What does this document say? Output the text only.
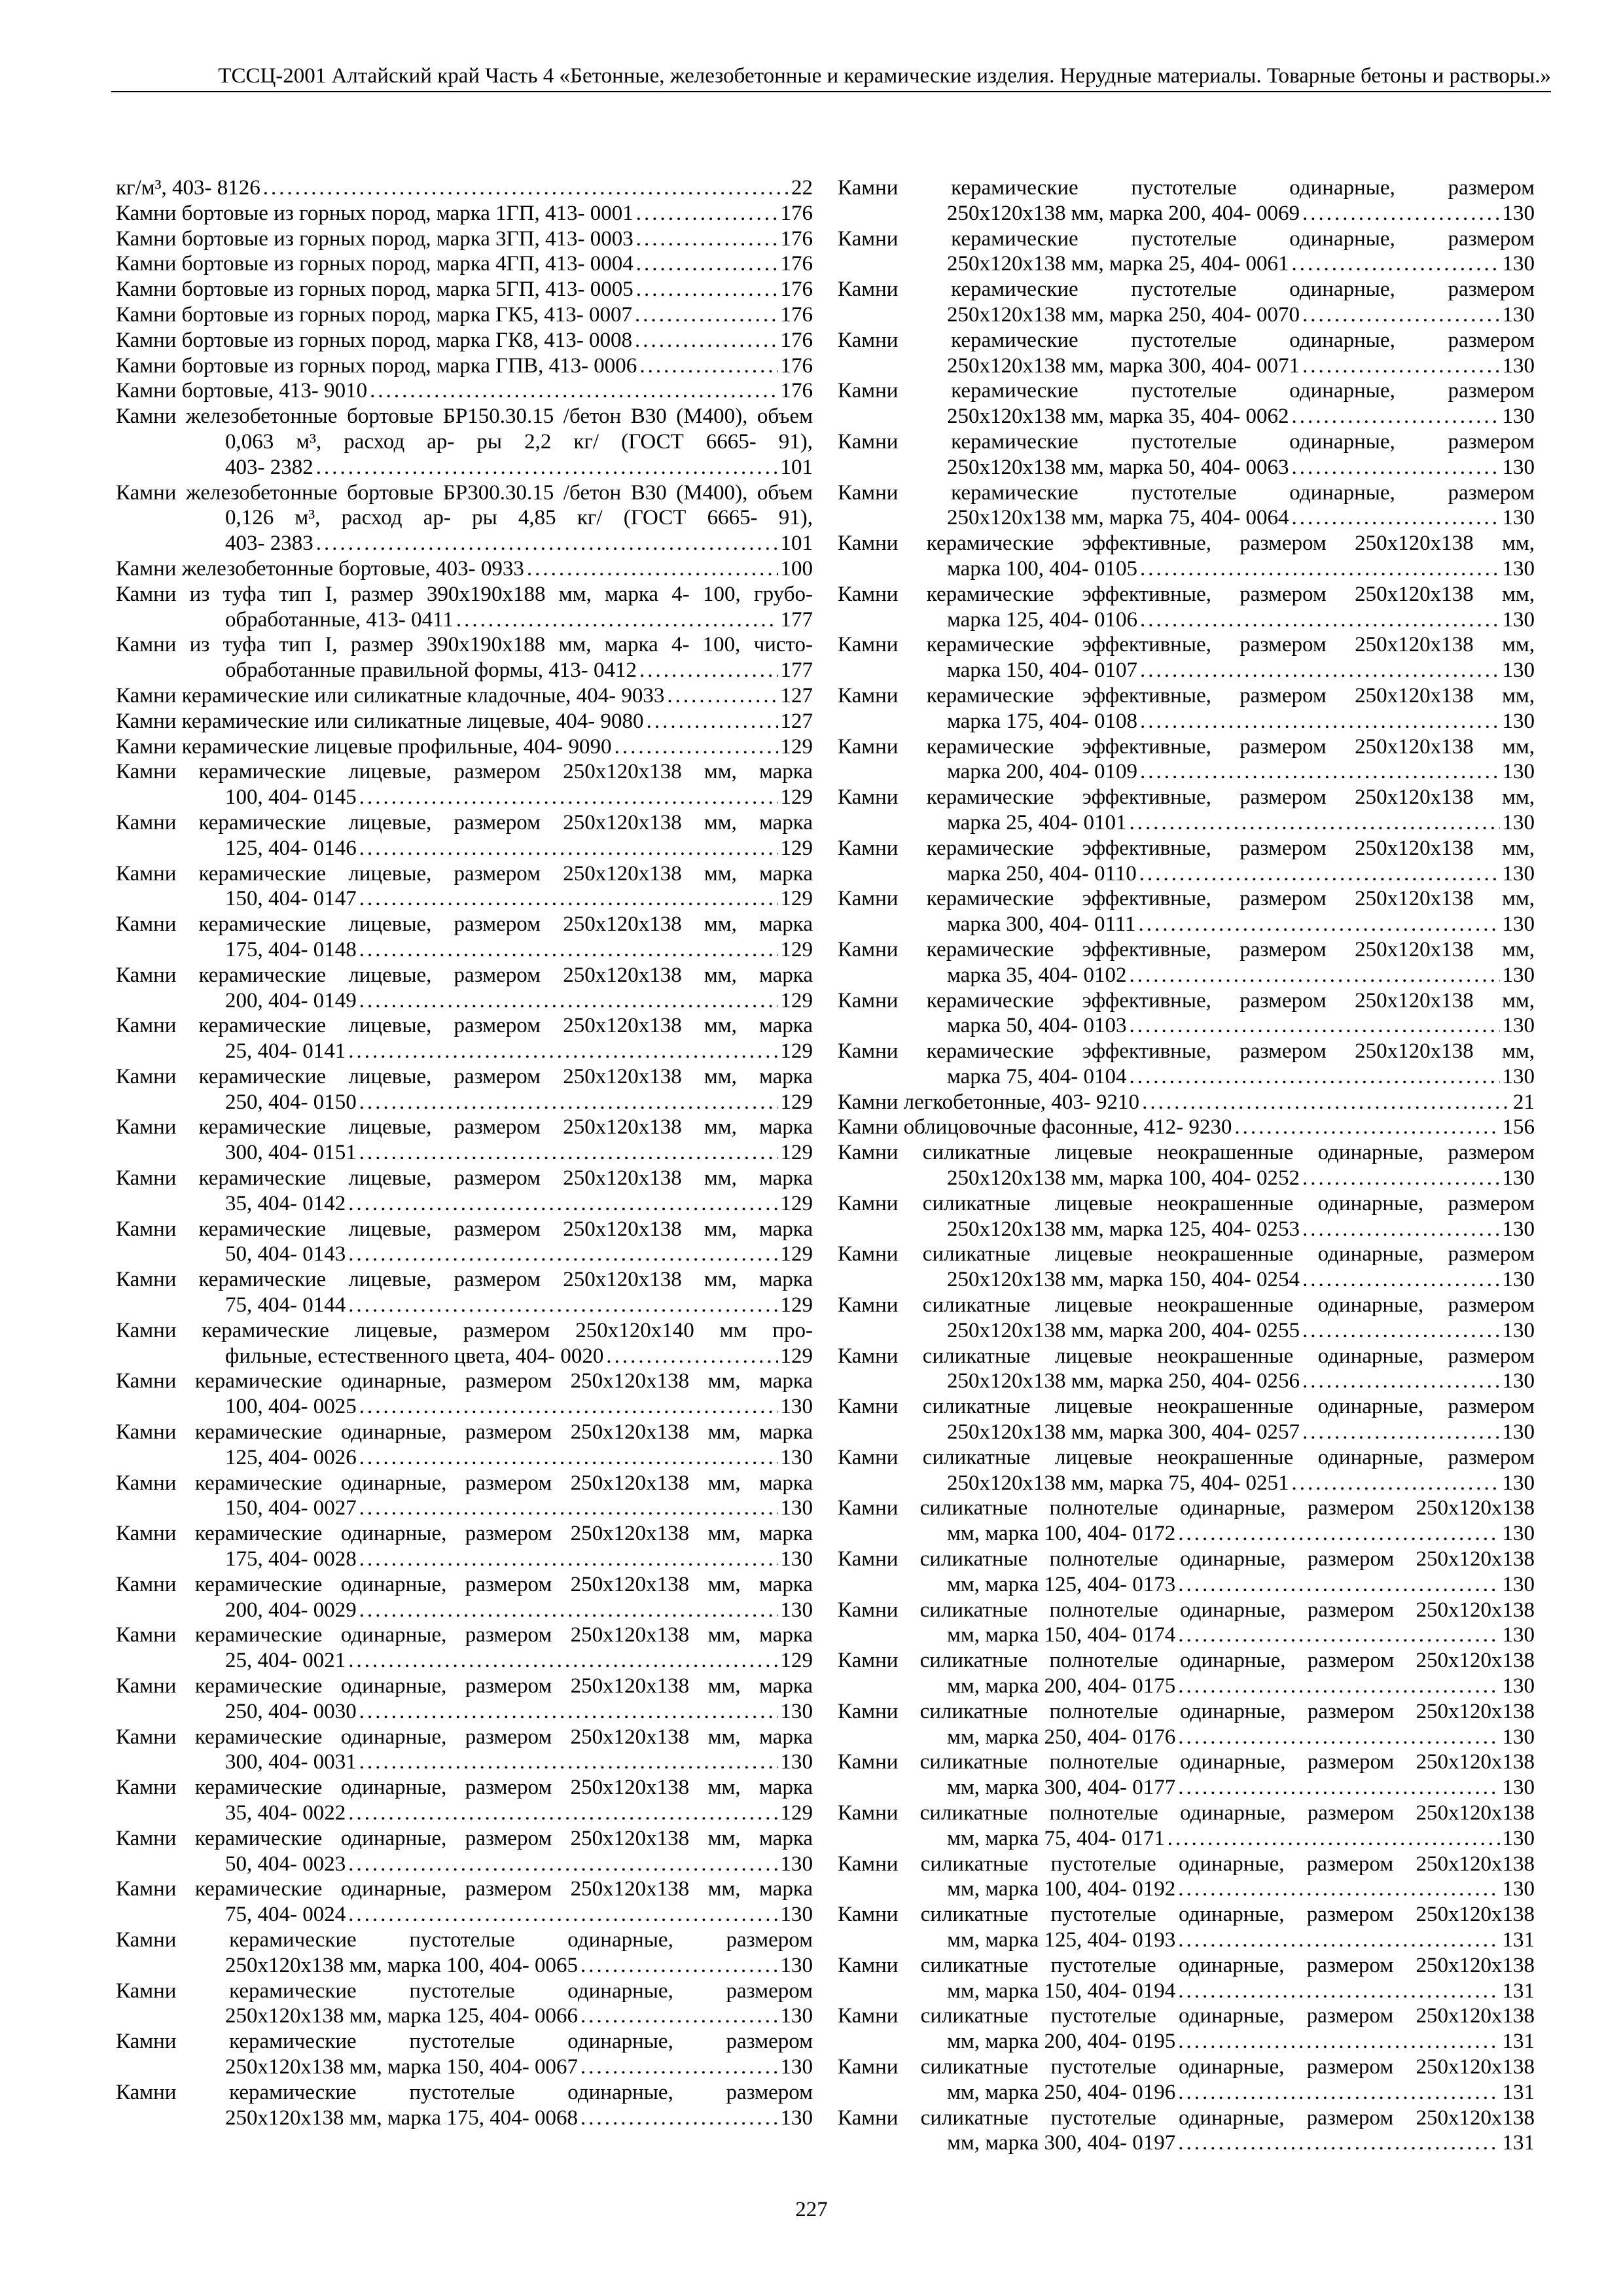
ТССЦ-2001 Алтайский край Часть 4 «Бетонные, железобетонные и керамические изделия. Нерудные материалы. Товарные бетоны и растворы.»
кг/м³, 403- 8126 .....	22
Камни бортовые из горных пород, марка 1ГП, 413- 0001 .....	176
Камни бортовые из горных пород, марка 3ГП, 413- 0003 .....	176
Камни бортовые из горных пород, марка 4ГП, 413- 0004 .....	176
Камни бортовые из горных пород, марка 5ГП, 413- 0005 .....	176
Камни бортовые из горных пород, марка ГК5, 413- 0007 .....	176
Камни бортовые из горных пород, марка ГК8, 413- 0008 .....	176
Камни бортовые из горных пород, марка ГПВ, 413- 0006 .....	176
Камни бортовые, 413- 9010 .....	176
Камни железобетонные бортовые БР150.30.15 /бетон В30 (М400), объем 0,063 м³, расход ар- ры 2,2 кг/ (ГОСТ 6665- 91),
403- 2382 .....	101
Камни железобетонные бортовые БР300.30.15 /бетон В30 (М400), объем 0,126 м³, расход ар- ры 4,85 кг/ (ГОСТ 6665- 91),
403- 2383 .....	101
Камни железобетонные бортовые, 403- 0933 .....	100
Камни из туфа тип I, размер 390x190x188 мм, марка 4- 100, грубо-
обработанные, 413- 0411 .....	177
Камни из туфа тип I, размер 390x190x188 мм, марка 4- 100, чисто-
обработанные правильной формы, 413- 0412 .....	177
Камни керамические или силикатные кладочные, 404- 9033 .....	127
Камни керамические или силикатные лицевые, 404- 9080 .....	127
Камни керамические лицевые профильные, 404- 9090 .....	129
Камни керамические лицевые, размером 250x120x138 мм, марка
100, 404- 0145 .....	129
Камни керамические лицевые, размером 250x120x138 мм, марка
125, 404- 0146 .....	129
Камни керамические лицевые, размером 250x120x138 мм, марка
150, 404- 0147 .....	129
Камни керамические лицевые, размером 250x120x138 мм, марка
175, 404- 0148 .....	129
Камни керамические лицевые, размером 250x120x138 мм, марка
200, 404- 0149 .....	129
Камни керамические лицевые, размером 250x120x138 мм, марка
25, 404- 0141 .....	129
Камни керамические лицевые, размером 250x120x138 мм, марка
250, 404- 0150 .....	129
Камни керамические лицевые, размером 250x120x138 мм, марка
300, 404- 0151 .....	129
Камни керамические лицевые, размером 250x120x138 мм, марка
35, 404- 0142 .....	129
Камни керамические лицевые, размером 250x120x138 мм, марка
50, 404- 0143 .....	129
Камни керамические лицевые, размером 250x120x138 мм, марка
75, 404- 0144 .....	129
Камни керамические лицевые, размером 250x120x140 мм про-
фильные, естественного цвета, 404- 0020 .....	129
Камни керамические одинарные, размером 250x120x138 мм, марка
100, 404- 0025 .....	130
Камни керамические одинарные, размером 250x120x138 мм, марка
125, 404- 0026 .....	130
Камни керамические одинарные, размером 250x120x138 мм, марка
150, 404- 0027 .....	130
Камни керамические одинарные, размером 250x120x138 мм, марка
175, 404- 0028 .....	130
Камни керамические одинарные, размером 250x120x138 мм, марка
200, 404- 0029 .....	130
Камни керамические одинарные, размером 250x120x138 мм, марка
25, 404- 0021 .....	129
Камни керамические одинарные, размером 250x120x138 мм, марка
250, 404- 0030 .....	130
Камни керамические одинарные, размером 250x120x138 мм, марка
300, 404- 0031 .....	130
Камни керамические одинарные, размером 250x120x138 мм, марка
35, 404- 0022 .....	129
Камни керамические одинарные, размером 250x120x138 мм, марка
50, 404- 0023 .....	130
Камни керамические одинарные, размером 250x120x138 мм, марка
75, 404- 0024 .....	130
Камни керамические пустотелые одинарные, размером
250x120x138 мм, марка 100, 404- 0065 .....	130
Камни керамические пустотелые одинарные, размером
250x120x138 мм, марка 125, 404- 0066 .....	130
Камни керамические пустотелые одинарные, размером
250x120x138 мм, марка 150, 404- 0067 .....	130
Камни керамические пустотелые одинарные, размером
250x120x138 мм, марка 175, 404- 0068 .....	130
Камни керамические пустотелые одинарные, размером
250x120x138 мм, марка 200, 404- 0069 .....	130
Камни керамические пустотелые одинарные, размером
250x120x138 мм, марка 25, 404- 0061 .....	130
Камни керамические пустотелые одинарные, размером
250x120x138 мм, марка 250, 404- 0070 .....	130
Камни керамические пустотелые одинарные, размером
250x120x138 мм, марка 300, 404- 0071 .....	130
Камни керамические пустотелые одинарные, размером
250x120x138 мм, марка 35, 404- 0062 .....	130
Камни керамические пустотелые одинарные, размером
250x120x138 мм, марка 50, 404- 0063 .....	130
Камни керамические пустотелые одинарные, размером
250x120x138 мм, марка 75, 404- 0064 .....	130
Камни керамические эффективные, размером 250x120x138 мм,
марка 100, 404- 0105 .....	130
Камни керамические эффективные, размером 250x120x138 мм,
марка 125, 404- 0106 .....	130
Камни керамические эффективные, размером 250x120x138 мм,
марка 150, 404- 0107 .....	130
Камни керамические эффективные, размером 250x120x138 мм,
марка 175, 404- 0108 .....	130
Камни керамические эффективные, размером 250x120x138 мм,
марка 200, 404- 0109 .....	130
Камни керамические эффективные, размером 250x120x138 мм,
марка 25, 404- 0101 .....	130
Камни керамические эффективные, размером 250x120x138 мм,
марка 250, 404- 0110 .....	130
Камни керамические эффективные, размером 250x120x138 мм,
марка 300, 404- 0111 .....	130
Камни керамические эффективные, размером 250x120x138 мм,
марка 35, 404- 0102 .....	130
Камни керамические эффективные, размером 250x120x138 мм,
марка 50, 404- 0103 .....	130
Камни керамические эффективные, размером 250x120x138 мм,
марка 75, 404- 0104 .....	130
Камни легкобетонные, 403- 9210 .....	21
Камни облицовочные фасонные, 412- 9230 .....	156
Камни силикатные лицевые неокрашенные одинарные, размером
250x120x138 мм, марка 100, 404- 0252 .....	130
Камни силикатные лицевые неокрашенные одинарные, размером
250x120x138 мм, марка 125, 404- 0253 .....	130
Камни силикатные лицевые неокрашенные одинарные, размером
250x120x138 мм, марка 150, 404- 0254 .....	130
Камни силикатные лицевые неокрашенные одинарные, размером
250x120x138 мм, марка 200, 404- 0255 .....	130
Камни силикатные лицевые неокрашенные одинарные, размером
250x120x138 мм, марка 250, 404- 0256 .....	130
Камни силикатные лицевые неокрашенные одинарные, размером
250x120x138 мм, марка 300, 404- 0257 .....	130
Камни силикатные лицевые неокрашенные одинарные, размером
250x120x138 мм, марка 75, 404- 0251 .....	130
Камни силикатные полнотелые одинарные, размером 250x120x138
мм, марка 100, 404- 0172 .....	130
Камни силикатные полнотелые одинарные, размером 250x120x138
мм, марка 125, 404- 0173 .....	130
Камни силикатные полнотелые одинарные, размером 250x120x138
мм, марка 150, 404- 0174 .....	130
Камни силикатные полнотелые одинарные, размером 250x120x138
мм, марка 200, 404- 0175 .....	130
Камни силикатные полнотелые одинарные, размером 250x120x138
мм, марка 250, 404- 0176 .....	130
Камни силикатные полнотелые одинарные, размером 250x120x138
мм, марка 300, 404- 0177 .....	130
Камни силикатные полнотелые одинарные, размером 250x120x138
мм, марка 75, 404- 0171 .....	130
Камни силикатные пустотелые одинарные, размером 250x120x138
мм, марка 100, 404- 0192 .....	130
Камни силикатные пустотелые одинарные, размером 250x120x138
мм, марка 125, 404- 0193 .....	131
Камни силикатные пустотелые одинарные, размером 250x120x138
мм, марка 150, 404- 0194 .....	131
Камни силикатные пустотелые одинарные, размером 250x120x138
мм, марка 200, 404- 0195 .....	131
Камни силикатные пустотелые одинарные, размером 250x120x138
мм, марка 250, 404- 0196 .....	131
Камни силикатные пустотелые одинарные, размером 250x120x138
мм, марка 300, 404- 0197 .....	131
227
